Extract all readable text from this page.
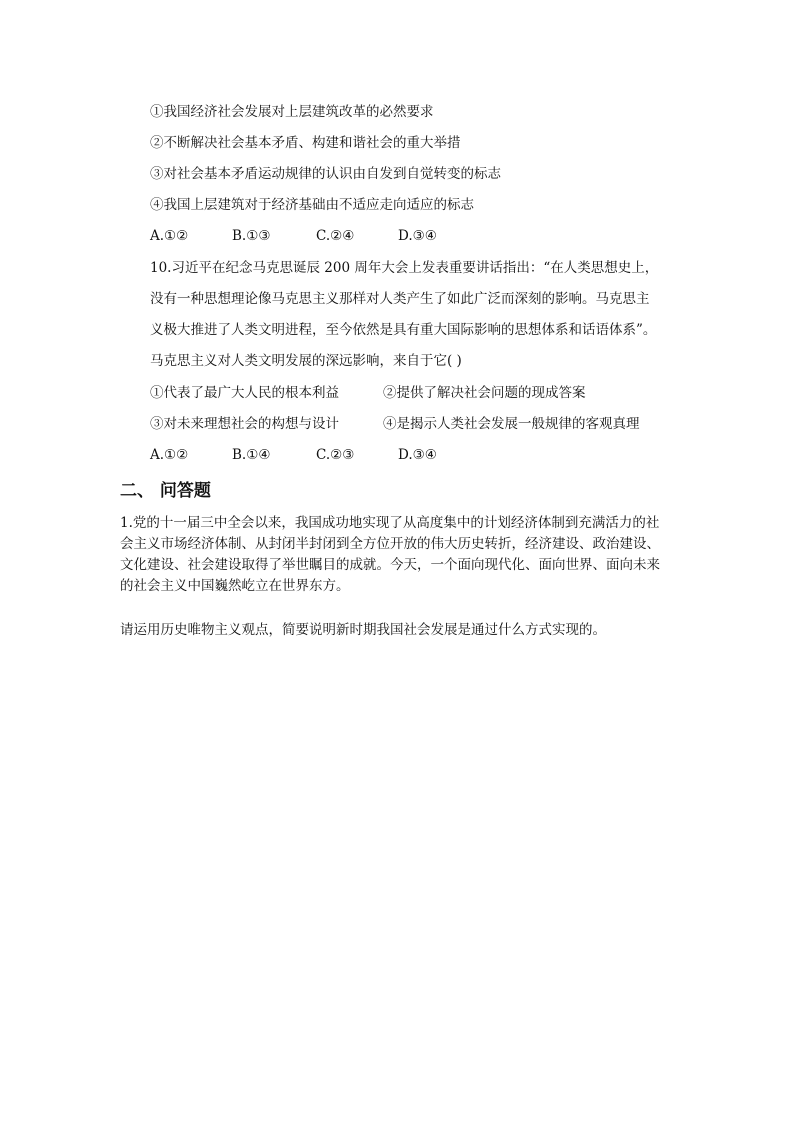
①我国经济社会发展对上层建筑改革的必然要求
②不断解决社会基本矛盾、构建和谐社会的重大举措
③对社会基本矛盾运动规律的认识由自发到自觉转变的标志
④我国上层建筑对于经济基础由不适应走向适应的标志
A.①②	B.①③	C.②④	D.③④
10.习近平在纪念马克思诞辰 200 周年大会上发表重要讲话指出：“在人类思想史上，
没有一种思想理论像马克思主义那样对人类产生了如此广泛而深刻的影响。马克思主
义极大推进了人类文明进程，至今依然是具有重大国际影响的思想体系和话语体系”。
马克思主义对人类文明发展的深远影响，来自于它( )
①代表了最广大人民的根本利益	②提供了解决社会问题的现成答案
③对未来理想社会的构想与设计	④是揭示人类社会发展一般规律的客观真理
A.①②	B.①④	C.②③	D.③④
二、 问答题
1.党的十一届三中全会以来，我国成功地实现了从高度集中的计划经济体制到充满活力的社
会主义市场经济体制、从封闭半封闭到全方位开放的伟大历史转折，经济建设、政治建设、
文化建设、社会建设取得了举世瞩目的成就。今天，一个面向现代化、面向世界、面向未来
的社会主义中国巍然屹立在世界东方。
请运用历史唯物主义观点，简要说明新时期我国社会发展是通过什么方式实现的。
